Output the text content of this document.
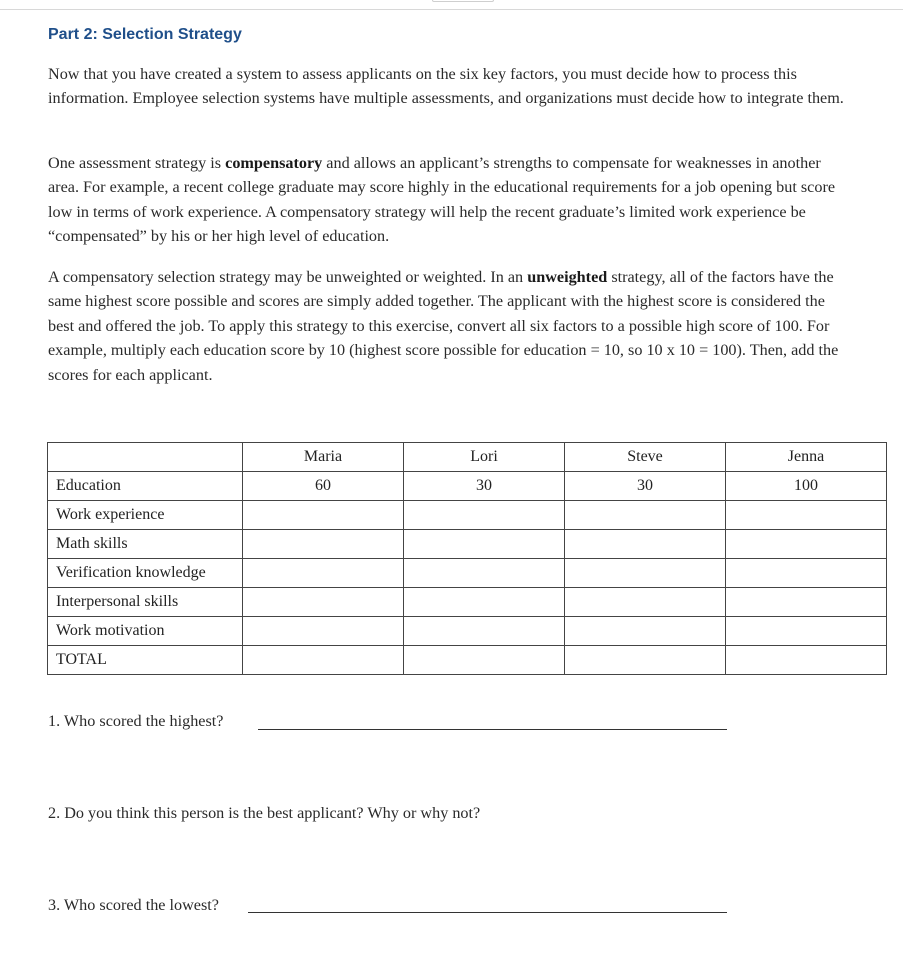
Part 2: Selection Strategy

Now that you have created a system to assess applicants on the six key factors, you must decide how to process this information. Employee selection systems have multiple assessments, and organizations must decide how to integrate them.

One assessment strategy is compensatory and allows an applicant’s strengths to compensate for weaknesses in another area. For example, a recent college graduate may score highly in the educational requirements for a job opening but score low in terms of work experience. A compensatory strategy will help the recent graduate’s limited work experience be “compensated” by his or her high level of education.

A compensatory selection strategy may be unweighted or weighted. In an unweighted strategy, all of the factors have the same highest score possible and scores are simply added together. The applicant with the highest score is considered the best and offered the job. To apply this strategy to this exercise, convert all six factors to a possible high score of 100. For example, multiply each education score by 10 (highest score possible for education = 10, so 10 x 10 = 100). Then, add the scores for each applicant.

	Maria	Lori	Steve	Jenna
Education	60	30	30	100
Work experience				
Math skills				
Verification knowledge				
Interpersonal skills				
Work motivation				
TOTAL				

1. Who scored the highest?

2. Do you think this person is the best applicant? Why or why not?

3. Who scored the lowest?
